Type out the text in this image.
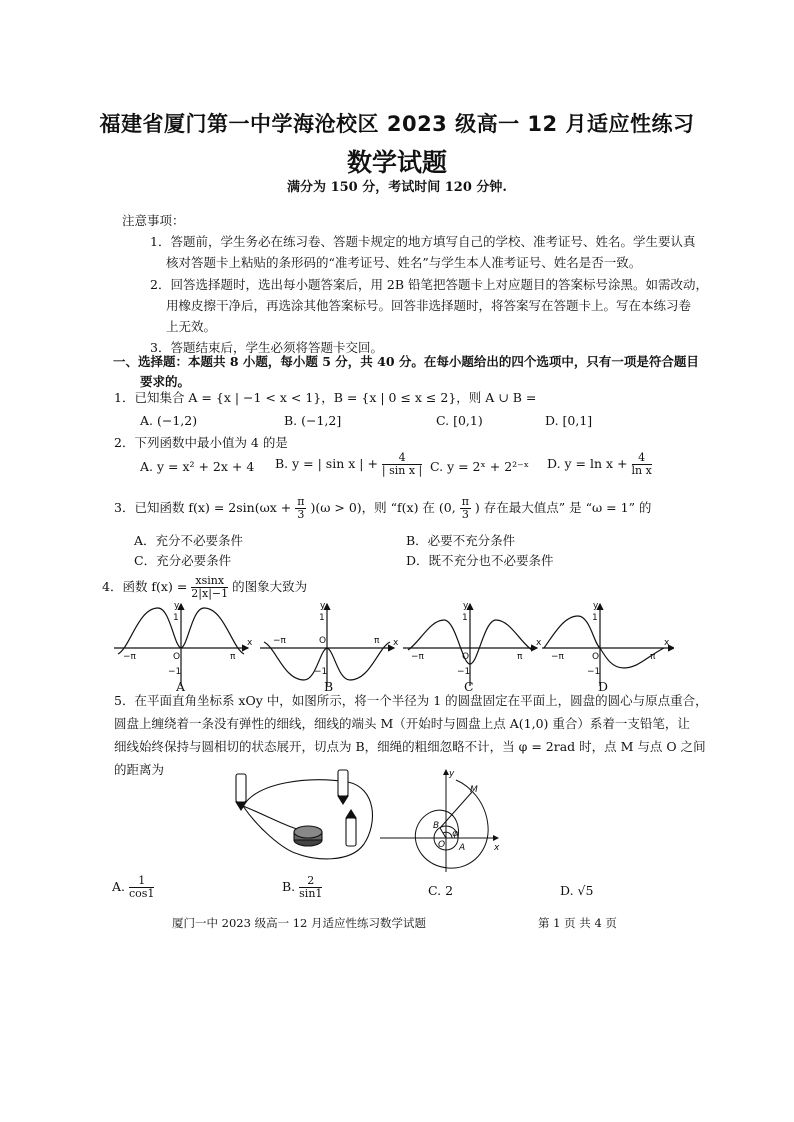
福建省厦门第一中学海沧校区 2023 级高一 12 月适应性练习
数学试题
满分为 150 分，考试时间 120 分钟.
注意事项：
1．答题前，学生务必在练习卷、答题卡规定的地方填写自己的学校、准考证号、姓名。学生要认真
核对答题卡上粘贴的条形码的“准考证号、姓名”与学生本人准考证号、姓名是否一致。
2．回答选择题时，选出每小题答案后，用 2B 铅笔把答题卡上对应题目的答案标号涂黑。如需改动，
用橡皮擦干净后，再选涂其他答案标号。回答非选择题时，将答案写在答题卡上。写在本练习卷
上无效。
3．答题结束后，学生必须将答题卡交回。
一、选择题：本题共 8 小题，每小题 5 分，共 40 分。在每小题给出的四个选项中，只有一项是符合题目
要求的。
1．已知集合 A = {x | −1 < x < 1}，B = {x | 0 ≤ x ≤ 2}，则 A ∪ B =
A. (−1,2)	B. (−1,2]	C. [0,1)	D. [0,1]
2．下列函数中最小值为 4 的是
A. y = x² + 2x + 4 B. y = | sin x | + $\frac{4}{\text{| sin x |}} C$. y = 2ˣ + 2²⁻ˣ D. $y = \ln x + \frac{4}{\text{ln x}}$
3．已知函数 $f(x) = 2\sin(\omega x + \frac{\pi}{3} )(\omega > 0)$，则 “f(x) 在 (0, $\frac{\pi}{3}$ ) 存在最大值点” 是 “ω = 1” 的
A．充分不必要条件	B．必要不充分条件
C．充分必要条件	D．既不充分也不必要条件
4．函数 $f(x) = \frac{xsinx}{2|x|-1}$ 的图象大致为
1
O
−1
−π	π
y
x
1
O
−1
−π	π
y
x
1
O
−1
−π	π
y
x
1
O
−1
−π	π
y
x
A	B	C	D
5．在平面直角坐标系 xOy 中，如图所示，将一个半径为 1 的圆盘固定在平面上，圆盘的圆心与原点重合，
圆盘上缠绕着一条没有弹性的细线，细线的端头 M（开始时与圆盘上点 A(1,0) 重合）系着一支铅笔，让
细线始终保持与圆相切的状态展开，切点为 B，细绳的粗细忽略不计，当 φ = 2rad 时，点 M 与点 O 之间
的距离为	y
x
M
B
A
O
φ
A. $\frac{1}{\cos 1}$	B. $\frac{2}{\sin 1}$	C. 2	D. √5
厦门一中 2023 级高一 12 月适应性练习数学试题	第 1 页 共 4 页
